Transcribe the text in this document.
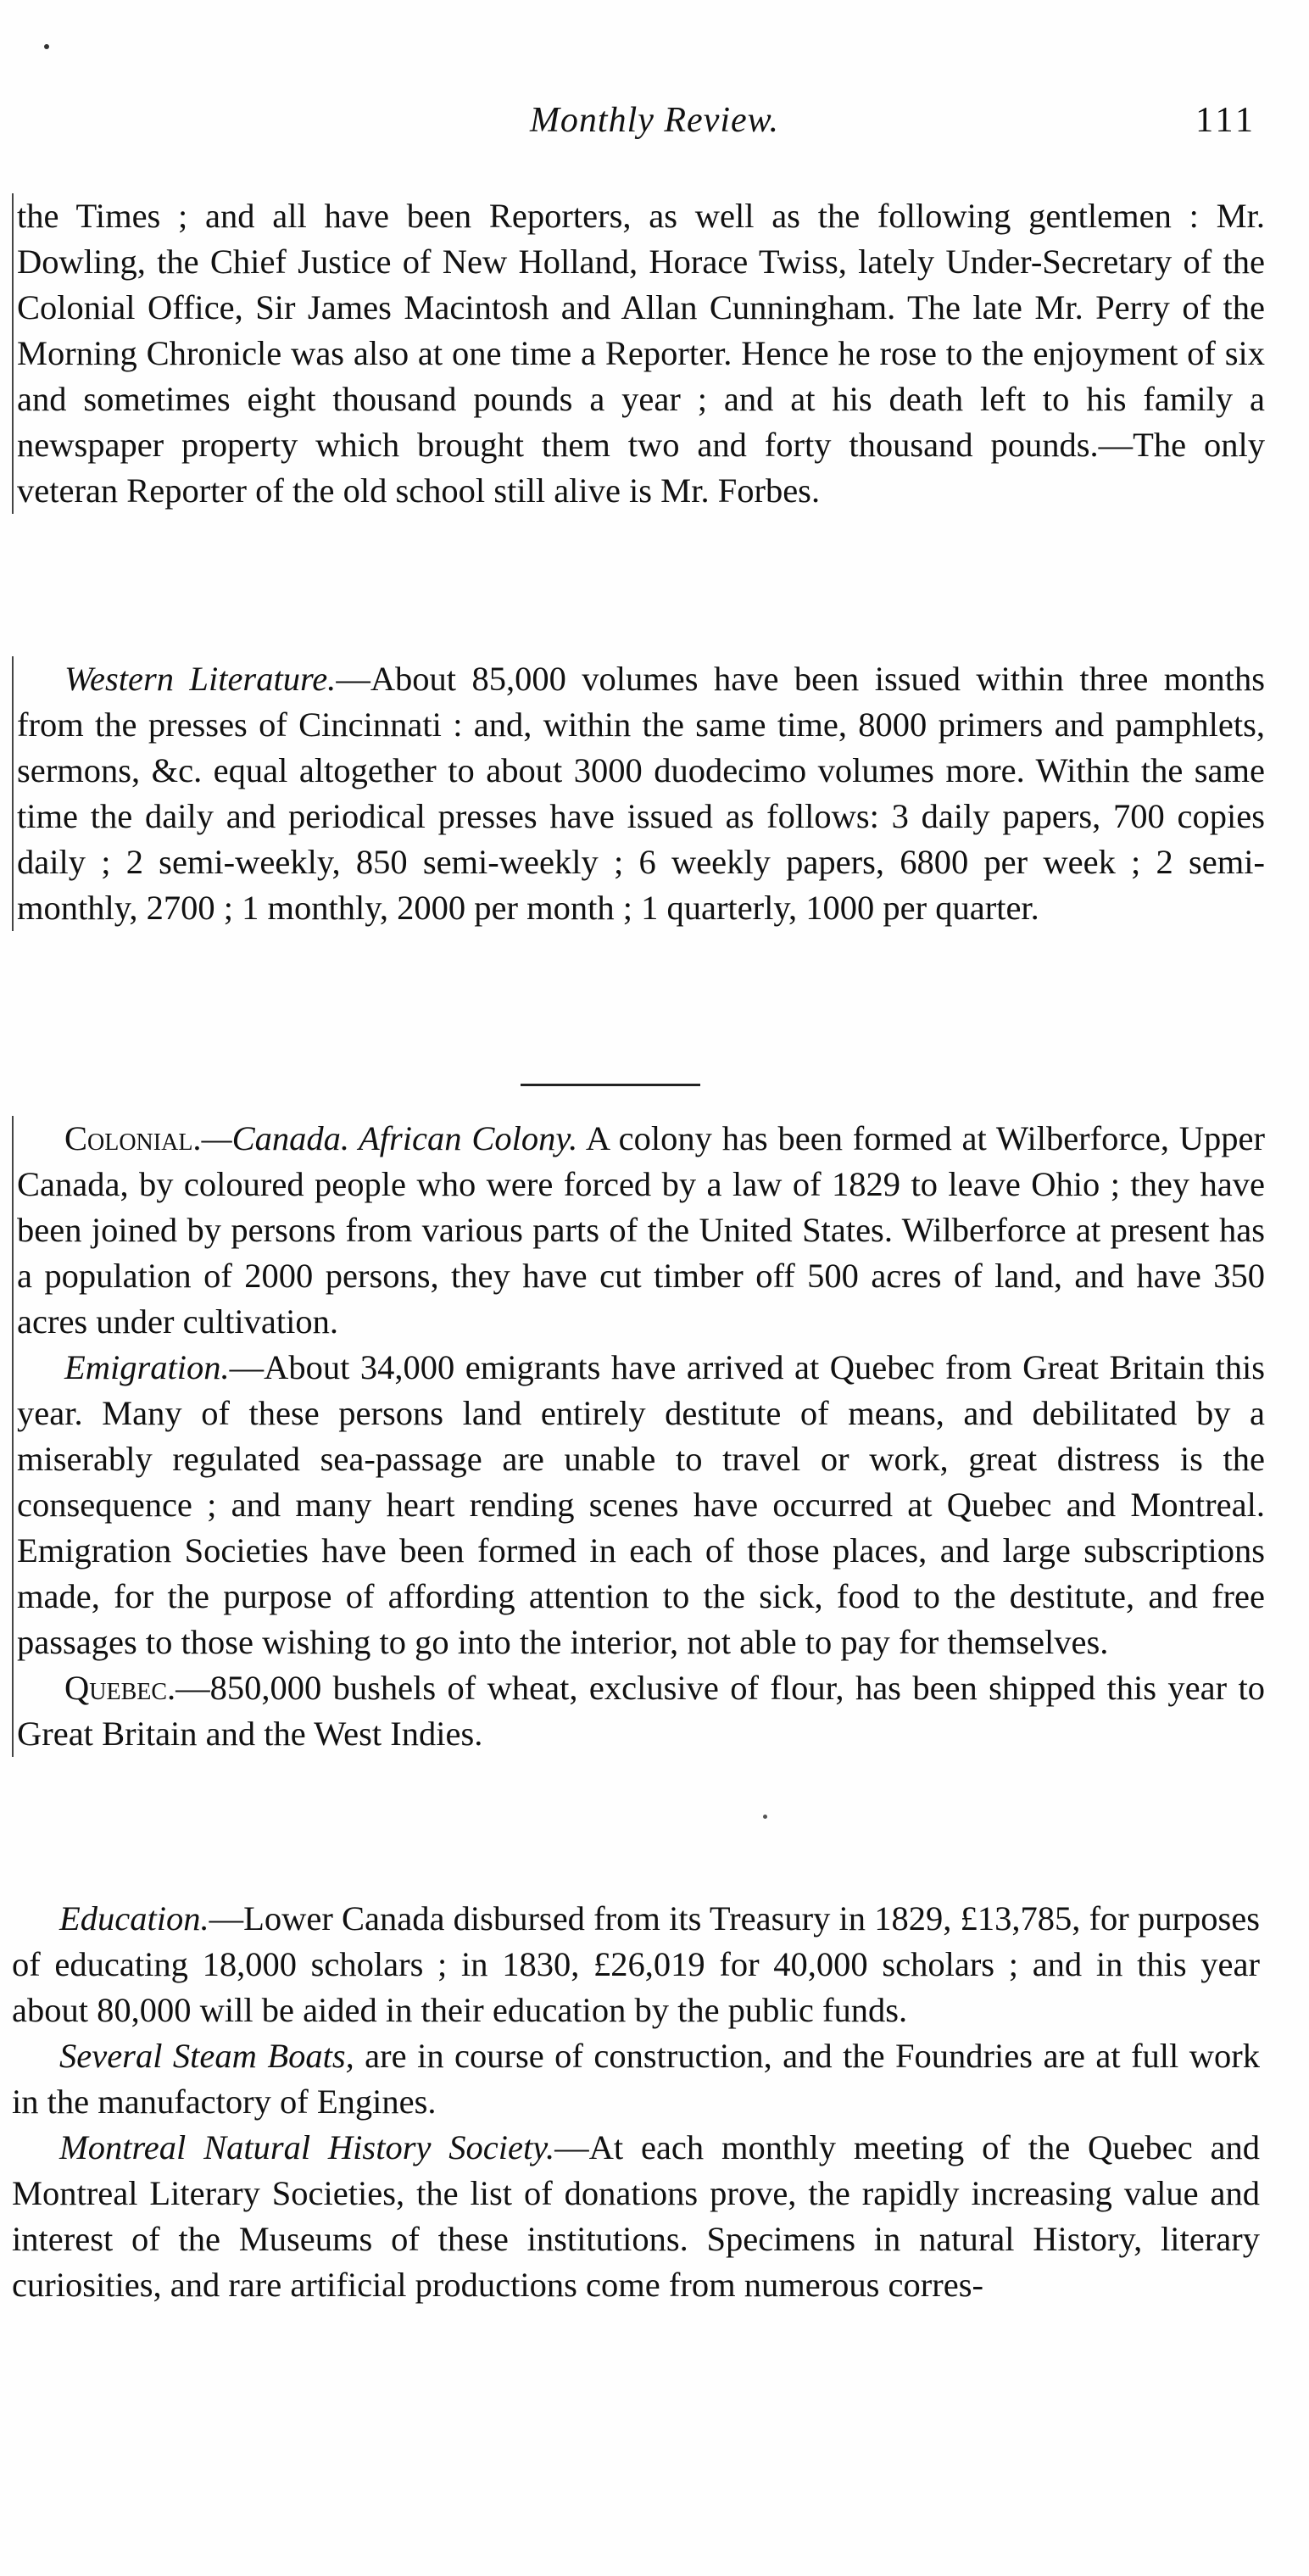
Monthly Review.	111

the Times ; and all have been Reporters, as well as the following gentlemen : Mr. Dowling, the Chief Justice of New Holland, Horace Twiss, lately Under-Secretary of the Colonial Office, Sir James Macintosh and Allan Cunningham. The late Mr. Perry of the Morning Chronicle was also at one time a Reporter. Hence he rose to the enjoyment of six and sometimes eight thousand pounds a year ; and at his death left to his family a newspaper property which brought them two and forty thousand pounds.—The only veteran Reporter of the old school still alive is Mr. Forbes.

Western Literature.—About 85,000 volumes have been issued within three months from the presses of Cincinnati : and, within the same time, 8000 primers and pamphlets, sermons, &c. equal altogether to about 3000 duodecimo volumes more. Within the same time the daily and periodical presses have issued as follows: 3 daily papers, 700 copies daily ; 2 semi-weekly, 850 semi-weekly ; 6 weekly papers, 6800 per week ; 2 semi-monthly, 2700 ; 1 monthly, 2000 per month ; 1 quarterly, 1000 per quarter.

Colonial.—Canada. African Colony. A colony has been formed at Wilberforce, Upper Canada, by coloured people who were forced by a law of 1829 to leave Ohio ; they have been joined by persons from various parts of the United States. Wilberforce at present has a population of 2000 persons, they have cut timber off 500 acres of land, and have 350 acres under cultivation.

Emigration.—About 34,000 emigrants have arrived at Quebec from Great Britain this year. Many of these persons land entirely destitute of means, and debilitated by a miserably regulated sea-passage are unable to travel or work, great distress is the consequence ; and many heart rending scenes have occurred at Quebec and Montreal. Emigration Societies have been formed in each of those places, and large subscriptions made, for the purpose of affording attention to the sick, food to the destitute, and free passages to those wishing to go into the interior, not able to pay for themselves.

Quebec.—850,000 bushels of wheat, exclusive of flour, has been shipped this year to Great Britain and the West Indies.

Education.—Lower Canada disbursed from its Treasury in 1829, £13,785, for purposes of educating 18,000 scholars ; in 1830, £26,019 for 40,000 scholars ; and in this year about 80,000 will be aided in their education by the public funds.

Several Steam Boats, are in course of construction, and the Foundries are at full work in the manufactory of Engines.

Montreal Natural History Society.—At each monthly meeting of the Quebec and Montreal Literary Societies, the list of donations prove, the rapidly increasing value and interest of the Museums of these institutions. Specimens in natural History, literary curiosities, and rare artificial productions come from numerous corres-
